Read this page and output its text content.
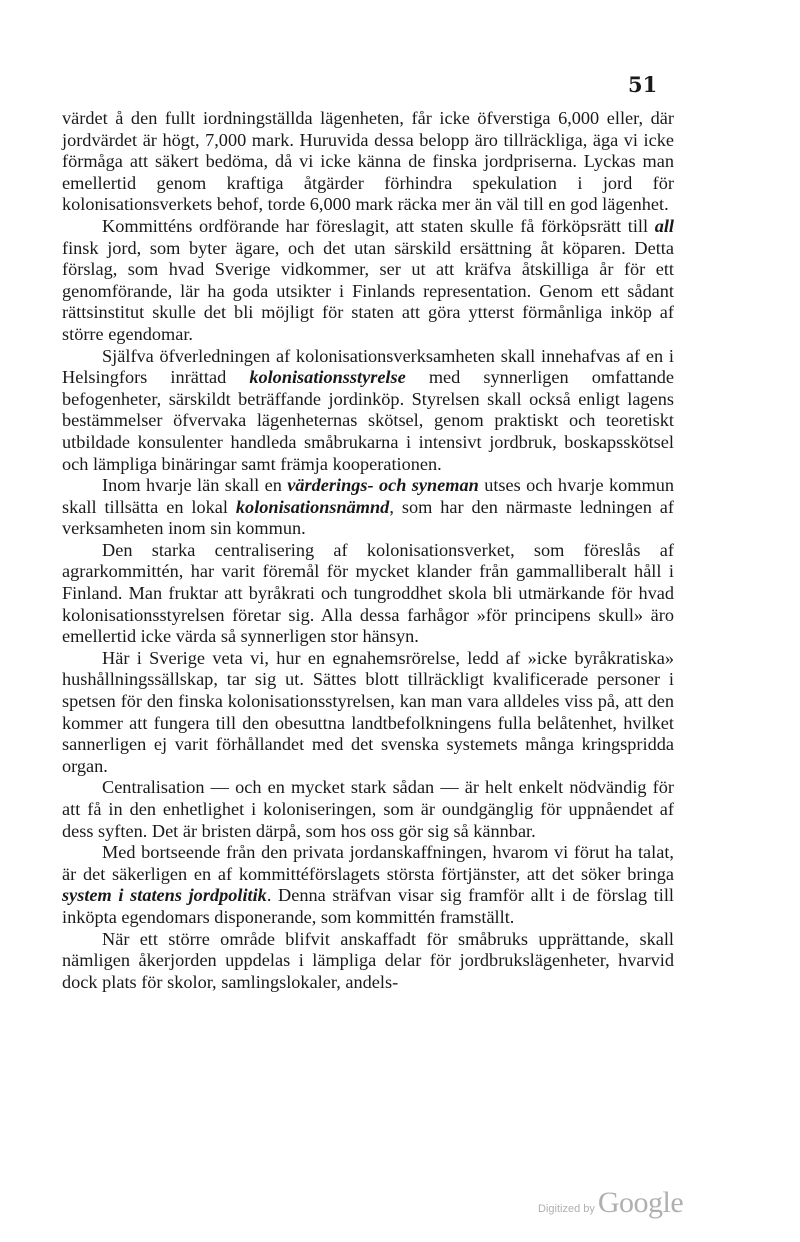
51

värdet å den fullt iordningställda lägenheten, får icke öfverstiga 6,000 eller, där jordvärdet är högt, 7,000 mark. Huruvida dessa belopp äro tillräckliga, äga vi icke förmåga att säkert bedöma, då vi icke känna de finska jordpriserna. Lyckas man emellertid genom kraftiga åtgärder förhindra spekulation i jord för kolonisationsverkets behof, torde 6,000 mark räcka mer än väl till en god lägenhet.

Kommitténs ordförande har föreslagit, att staten skulle få förköpsrätt till all finsk jord, som byter ägare, och det utan särskild ersättning åt köparen. Detta förslag, som hvad Sverige vidkommer, ser ut att kräfva åtskilliga år för ett genomförande, lär ha goda utsikter i Finlands representation. Genom ett sådant rättsinstitut skulle det bli möjligt för staten att göra ytterst förmånliga inköp af större egendomar.

Själfva öfverledningen af kolonisationsverksamheten skall innehafvas af en i Helsingfors inrättad kolonisationsstyrelse med synnerligen omfattande befogenheter, särskildt beträffande jordinköp. Styrelsen skall också enligt lagens bestämmelser öfvervaka lägenheternas skötsel, genom praktiskt och teoretiskt utbildade konsulenter handleda småbrukarna i intensivt jordbruk, boskapsskötsel och lämpliga binäringar samt främja kooperationen.

Inom hvarje län skall en värderings- och syneman utses och hvarje kommun skall tillsätta en lokal kolonisationsnämnd, som har den närmaste ledningen af verksamheten inom sin kommun.

Den starka centralisering af kolonisationsverket, som föreslås af agrarkommittén, har varit föremål för mycket klander från gammalliberalt håll i Finland. Man fruktar att byråkrati och tungroddhet skola bli utmärkande för hvad kolonisationsstyrelsen företar sig. Alla dessa farhågor »för principens skull» äro emellertid icke värda så synnerligen stor hänsyn.

Här i Sverige veta vi, hur en egnahemsrörelse, ledd af »icke byråkratiska» hushållningssällskap, tar sig ut. Sättes blott tillräckligt kvalificerade personer i spetsen för den finska kolonisationsstyrelsen, kan man vara alldeles viss på, att den kommer att fungera till den obesuttna landtbefolkningens fulla belåtenhet, hvilket sannerligen ej varit förhållandet med det svenska systemets många kringspridda organ.

Centralisation — och en mycket stark sådan — är helt enkelt nödvändig för att få in den enhetlighet i koloniseringen, som är oundgänglig för uppnåendet af dess syften. Det är bristen därpå, som hos oss gör sig så kännbar.

Med bortseende från den privata jordanskaffningen, hvarom vi förut ha talat, är det säkerligen en af kommittéförslagets största förtjänster, att det söker bringa system i statens jordpolitik. Denna sträfvan visar sig framför allt i de förslag till inköpta egendomars disponerande, som kommittén framställt.

När ett större område blifvit anskaffadt för småbruks upprättande, skall nämligen åkerjorden uppdelas i lämpliga delar för jordbrukslägenheter, hvarvid dock plats för skolor, samlingslokaler, andels-

Digitized by Google
